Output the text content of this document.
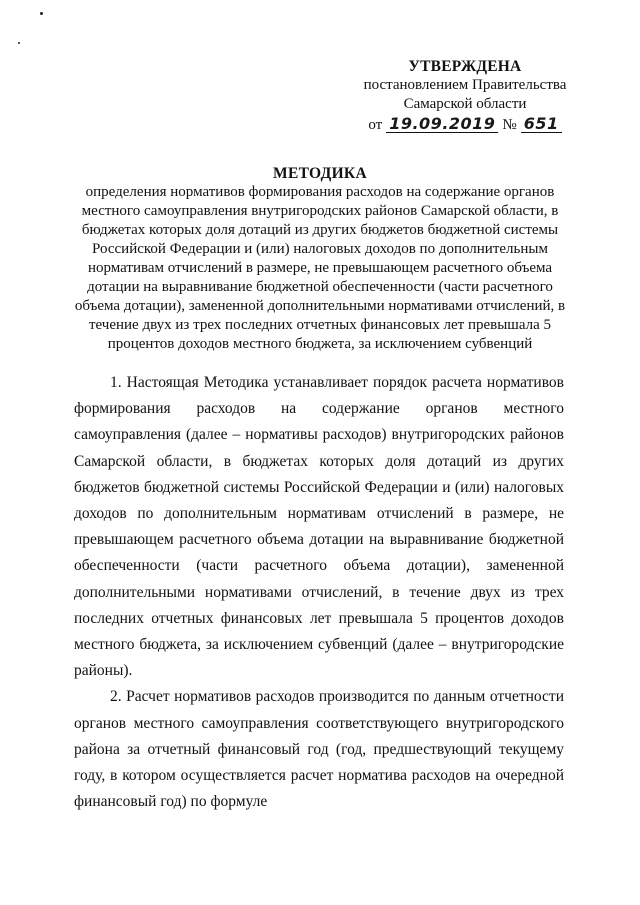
УТВЕРЖДЕНА
постановлением Правительства
Самарской области
от 19.09.2019 № 651
МЕТОДИКА
определения нормативов формирования расходов на содержание органов местного самоуправления внутригородских районов Самарской области, в бюджетах которых доля дотаций из других бюджетов бюджетной системы Российской Федерации и (или) налоговых доходов по дополнительным нормативам отчислений в размере, не превышающем расчетного объема дотации на выравнивание бюджетной обеспеченности (части расчетного объема дотации), замененной дополнительными нормативами отчислений, в течение двух из трех последних отчетных финансовых лет превышала 5 процентов доходов местного бюджета, за исключением субвенций

1. Настоящая Методика устанавливает порядок расчета нормативов формирования расходов на содержание органов местного самоуправления (далее – нормативы расходов) внутригородских районов Самарской области, в бюджетах которых доля дотаций из других бюджетов бюджетной системы Российской Федерации и (или) налоговых доходов по дополнительным нормативам отчислений в размере, не превышающем расчетного объема дотации на выравнивание бюджетной обеспеченности (части расчетного объема дотации), замененной дополнительными нормативами отчислений, в течение двух из трех последних отчетных финансовых лет превышала 5 процентов доходов местного бюджета, за исключением субвенций (далее – внутригородские районы).

2. Расчет нормативов расходов производится по данным отчетности органов местного самоуправления соответствующего внутригородского района за отчетный финансовый год (год, предшествующий текущему году, в котором осуществляется расчет норматива расходов на очередной финансовый год) по формуле
